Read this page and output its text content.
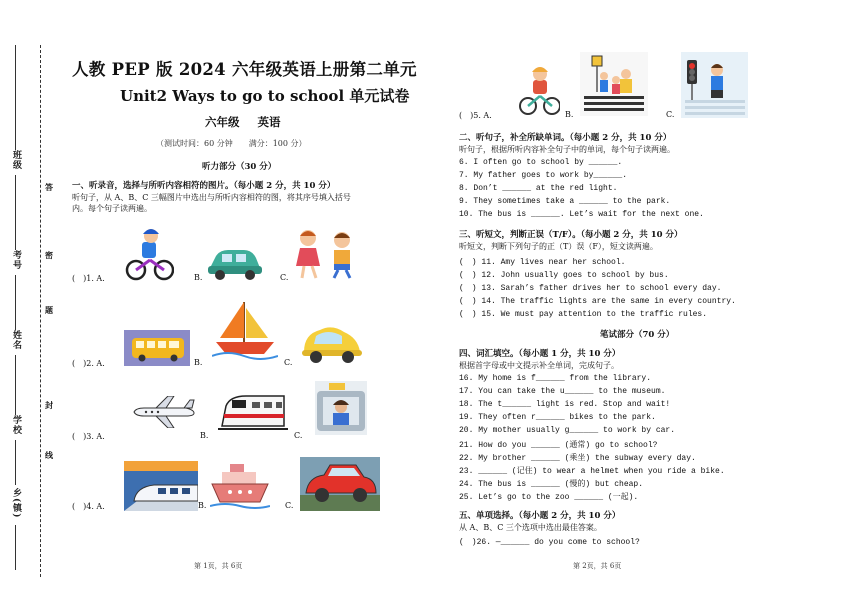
班级
考号
姓名
学校
乡(镇)
答
密
题
封
线
人教 PEP 版 2024 六年级英语上册第二单元
Unit2 Ways to go to school 单元试卷
六年级 英语
（测试时间：60 分钟　　满分：100 分）
听力部分（30 分）
一、听录音，选择与所听内容相符的图片。（每小题 2 分，共 10 分）
听句子，从 A、B、C 三幅图片中选出与所听内容相符的图，将其序号填入括号
内。每个句子读两遍。
(　)1. A.	B.	C.
(　)2. A.	B.	C.
(　)3. A.	B.	C.
(　)4. A.	B.	C.
第 1页，共 6页
(　)5. A.	B.	C.
二、听句子，补全所缺单词。（每小题 2 分，共 10 分）
听句子，根据所听内容补全句子中的单词，每个句子读两遍。
6. I often go to school by ______.
7. My father goes to work by______.
8. Don’t ______ at the red light.
9. They sometimes take a ______ to the park.
10. The bus is ______. Let’s wait for the next one.
三、听短文，判断正误（T/F）。（每小题 2 分，共 10 分）
听短文，判断下列句子的正（T）误（F），短文读两遍。
(　) 11. Amy lives near her school.
(　) 12. John usually goes to school by bus.
(　) 13. Sarah’s father drives her to school every day.
(　) 14. The traffic lights are the same in every country.
(　) 15. We must pay attention to the traffic rules.
笔试部分（70 分）
四、词汇填空。（每小题 1 分，共 10 分）
根据首字母或中文提示补全单词，完成句子。
16. My home is f______ from the library.
17. You can take the u______ to the museum.
18. The t______ light is red. Stop and wait!
19. They often r______ bikes to the park.
20. My mother usually g______ to work by car.
21. How do you ______ (通常) go to school?
22. My brother ______ (乘坐) the subway every day.
23. ______ (记住) to wear a helmet when you ride a bike.
24. The bus is ______ (慢的) but cheap.
25. Let’s go to the zoo ______ (一起).
五、单项选择。（每小题 2 分，共 10 分）
从 A、B、C 三个选项中选出最佳答案。
(　)26. —______ do you come to school?
第 2页，共 6页
